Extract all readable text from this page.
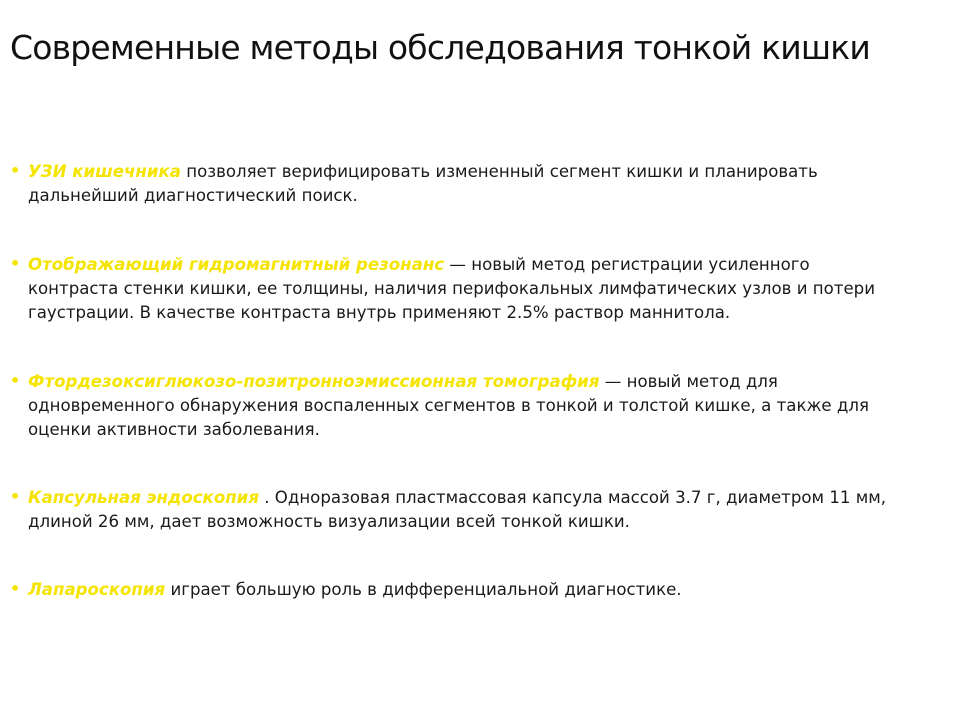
Современные методы обследования тонкой кишки
• УЗИ кишечника позволяет верифицировать измененный сегмент кишки и планировать дальнейший диагностический поиск.
• Отображающий гидромагнитный резонанс — новый метод регистрации усиленного контраста стенки кишки, ее толщины, наличия перифокальных лимфатических узлов и потери гаустрации. В качестве контраста внутрь применяют 2.5% раствор маннитола.
• Фтордезоксиглюкозо-позитронноэмиссионная томография — новый метод для одновременного обнаружения воспаленных сегментов в тонкой и толстой кишке, а также для оценки активности заболевания.
• Капсульная эндоскопия . Одноразовая пластмассовая капсула массой 3.7 г, диаметром 11 мм, длиной 26 мм, дает возможность визуализации всей тонкой кишки.
• Лапароскопия играет большую роль в дифференциальной диагностике.
